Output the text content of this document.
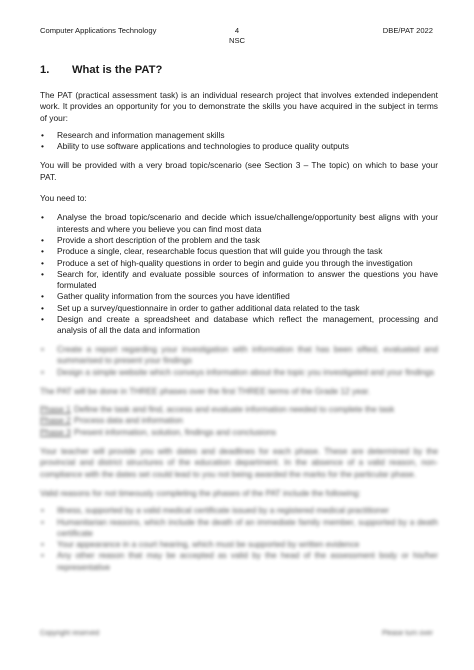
Computer Applications Technology	4
NSC
DBE/PAT 2022
1. What is the PAT?

The PAT (practical assessment task) is an individual research project that involves extended independent work. It provides an opportunity for you to demonstrate the skills you have acquired in the subject in terms of your:

• Research and information management skills
• Ability to use software applications and technologies to produce quality outputs

You will be provided with a very broad topic/scenario (see Section 3 – The topic) on which to base your PAT.

You need to:

• Analyse the broad topic/scenario and decide which issue/challenge/opportunity best aligns with your interests and where you believe you can find most data
• Provide a short description of the problem and the task
• Produce a single, clear, researchable focus question that will guide you through the task
• Produce a set of high-quality questions in order to begin and guide you through the investigation
• Search for, identify and evaluate possible sources of information to answer the questions you have formulated
• Gather quality information from the sources you have identified
• Set up a survey/questionnaire in order to gather additional data related to the task
• Design and create a spreadsheet and database which reflect the management, processing and analysis of all the data and information
• Create a report regarding your investigation with information that has been sifted, evaluated and summarised to present your findings
• Design a simple website which conveys information about the topic you investigated and your findings

The PAT will be done in THREE phases over the first THREE terms of the Grade 12 year.

Phase 1 Define the task and find, access and evaluate information needed to complete the task
Phase 2 Process data and information
Phase 3 Present information, solution, findings and conclusions

Your teacher will provide you with dates and deadlines for each phase. These are determined by the provincial and district structures of the education department. In the absence of a valid reason, non-compliance with the dates set could lead to you not being awarded the marks for the particular phase.

Valid reasons for not timeously completing the phases of the PAT include the following:

• Illness, supported by a valid medical certificate issued by a registered medical practitioner
• Humanitarian reasons, which include the death of an immediate family member, supported by a death certificate
• Your appearance in a court hearing, which must be supported by written evidence
• Any other reason that may be accepted as valid by the head of the assessment body or his/her representative
Copyright reserved	Please turn over
